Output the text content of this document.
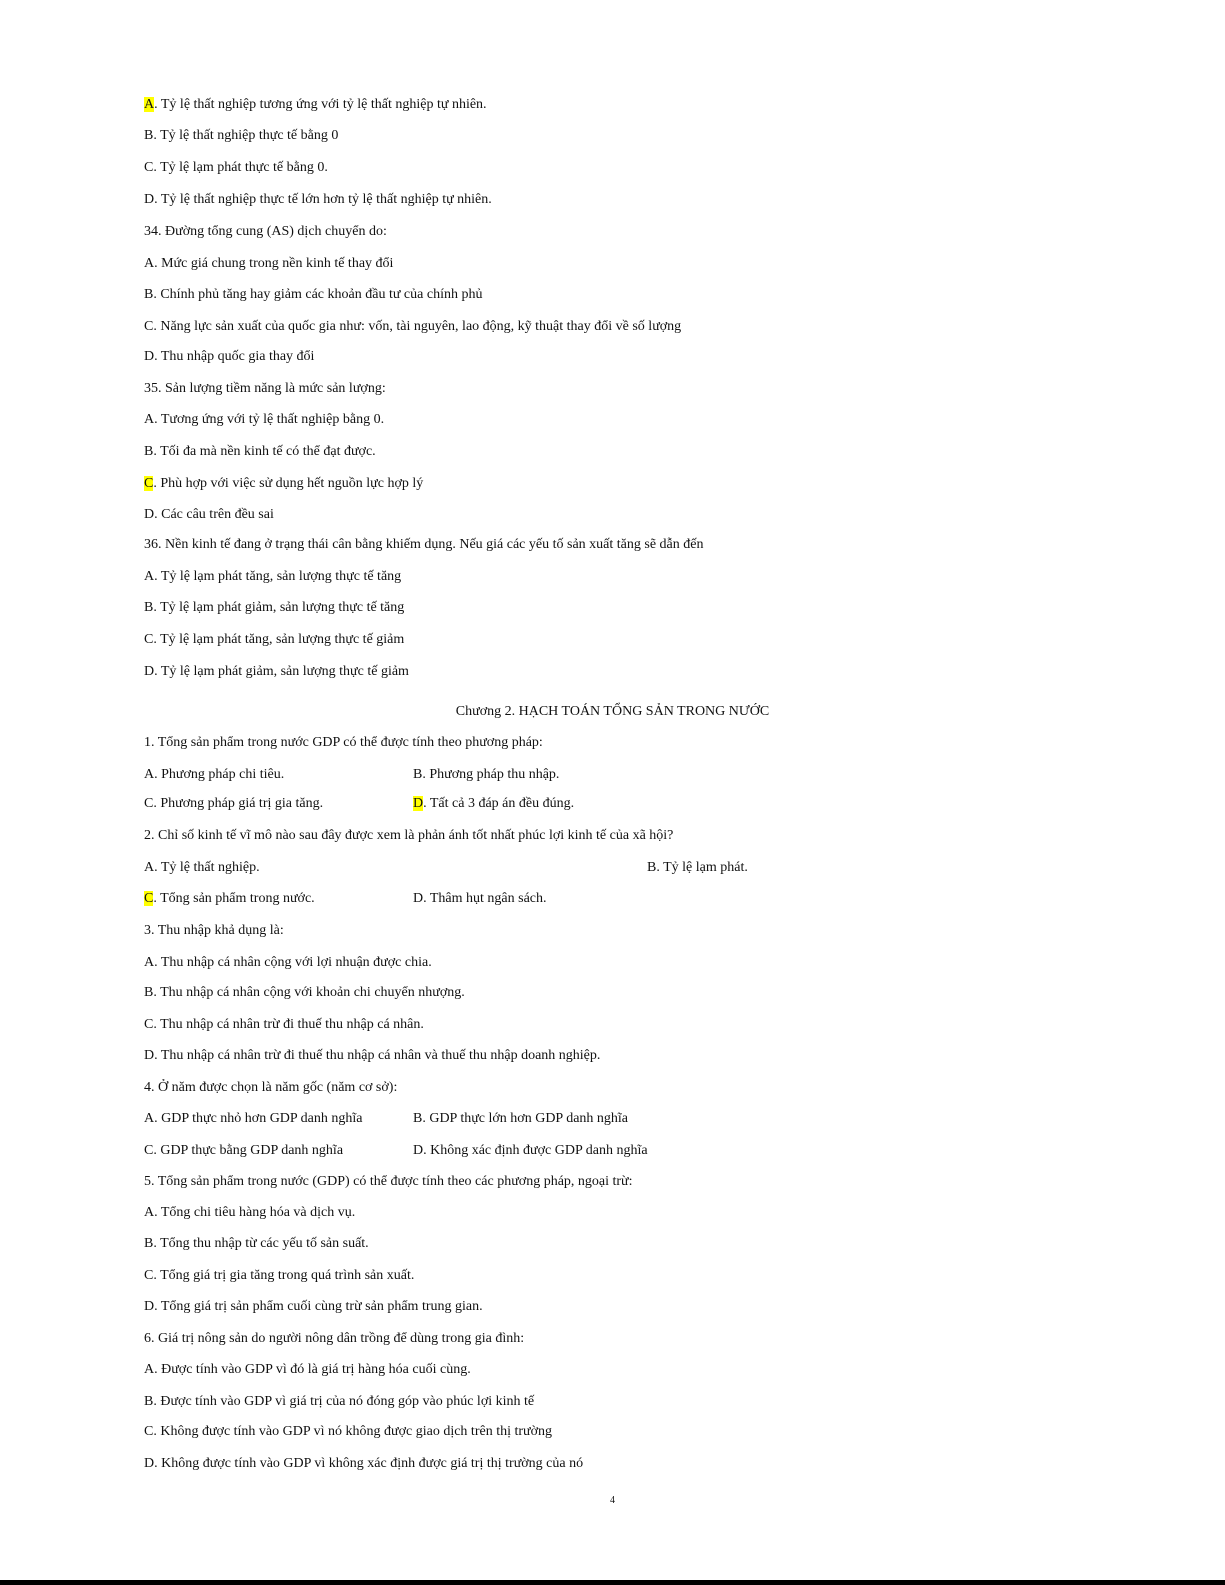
A. Tỷ lệ thất nghiệp tương ứng với tỷ lệ thất nghiệp tự nhiên.
B. Tỷ lệ thất nghiệp thực tế bằng 0
C. Tỷ lệ lạm phát thực tế bằng 0.
D. Tỷ lệ thất nghiệp thực tế lớn hơn tỷ lệ thất nghiệp tự nhiên.
34. Đường tổng cung (AS) dịch chuyển do:
A. Mức giá chung trong nền kinh tế thay đổi
B. Chính phủ tăng hay giảm các khoản đầu tư của chính phủ
C. Năng lực sản xuất của quốc gia như: vốn, tài nguyên, lao động, kỹ thuật thay đổi về số lượng
D. Thu nhập quốc gia thay đổi
35. Sản lượng tiềm năng là mức sản lượng:
A. Tương ứng với tỷ lệ thất nghiệp bằng 0.
B. Tối đa mà nền kinh tế có thể đạt được.
C. Phù hợp với việc sử dụng hết nguồn lực hợp lý
D. Các câu trên đều sai
36. Nền kinh tế đang ở trạng thái cân bằng khiếm dụng. Nếu giá các yếu tố sản xuất tăng sẽ dẫn đến
A. Tỷ lệ lạm phát tăng, sản lượng thực tế tăng
B. Tỷ lệ lạm phát giảm, sản lượng thực tế tăng
C. Tỷ lệ lạm phát tăng, sản lượng thực tế giảm
D. Tỷ lệ lạm phát giảm, sản lượng thực tế giảm
Chương 2. HẠCH TOÁN TỔNG SẢN TRONG NƯỚC
1. Tổng sản phẩm trong nước GDP có thể được tính theo phương pháp:
A. Phương pháp chi tiêu.	B. Phương pháp thu nhập.
C. Phương pháp giá trị gia tăng.	D. Tất cả 3 đáp án đều đúng.
2. Chỉ số kinh tế vĩ mô nào sau đây được xem là phản ánh tốt nhất phúc lợi kinh tế của xã hội?
A. Tỷ lệ thất nghiệp.	B. Tỷ lệ lạm phát.
C. Tổng sản phẩm trong nước.	D. Thâm hụt ngân sách.
3. Thu nhập khả dụng là:
A. Thu nhập cá nhân cộng với lợi nhuận được chia.
B. Thu nhập cá nhân cộng với khoản chi chuyển nhượng.
C. Thu nhập cá nhân trừ đi thuế thu nhập cá nhân.
D. Thu nhập cá nhân trừ đi thuế thu nhập cá nhân và thuế thu nhập doanh nghiệp.
4. Ở năm được chọn là năm gốc (năm cơ sở):
A. GDP thực nhỏ hơn GDP danh nghĩa	B. GDP thực lớn hơn GDP danh nghĩa
C. GDP thực bằng GDP danh nghĩa	D. Không xác định được GDP danh nghĩa
5. Tổng sản phẩm trong nước (GDP) có thể được tính theo các phương pháp, ngoại trừ:
A. Tổng chi tiêu hàng hóa và dịch vụ.
B. Tổng thu nhập từ các yếu tố sản suất.
C. Tổng giá trị gia tăng trong quá trình sản xuất.
D. Tổng giá trị sản phẩm cuối cùng trừ sản phẩm trung gian.
6. Giá trị nông sản do người nông dân trồng để dùng trong gia đình:
A. Được tính vào GDP vì đó là giá trị hàng hóa cuối cùng.
B. Được tính vào GDP vì giá trị của nó đóng góp vào phúc lợi kinh tế
C. Không được tính vào GDP vì nó không được giao dịch trên thị trường
D. Không được tính vào GDP vì không xác định được giá trị thị trường của nó
4
